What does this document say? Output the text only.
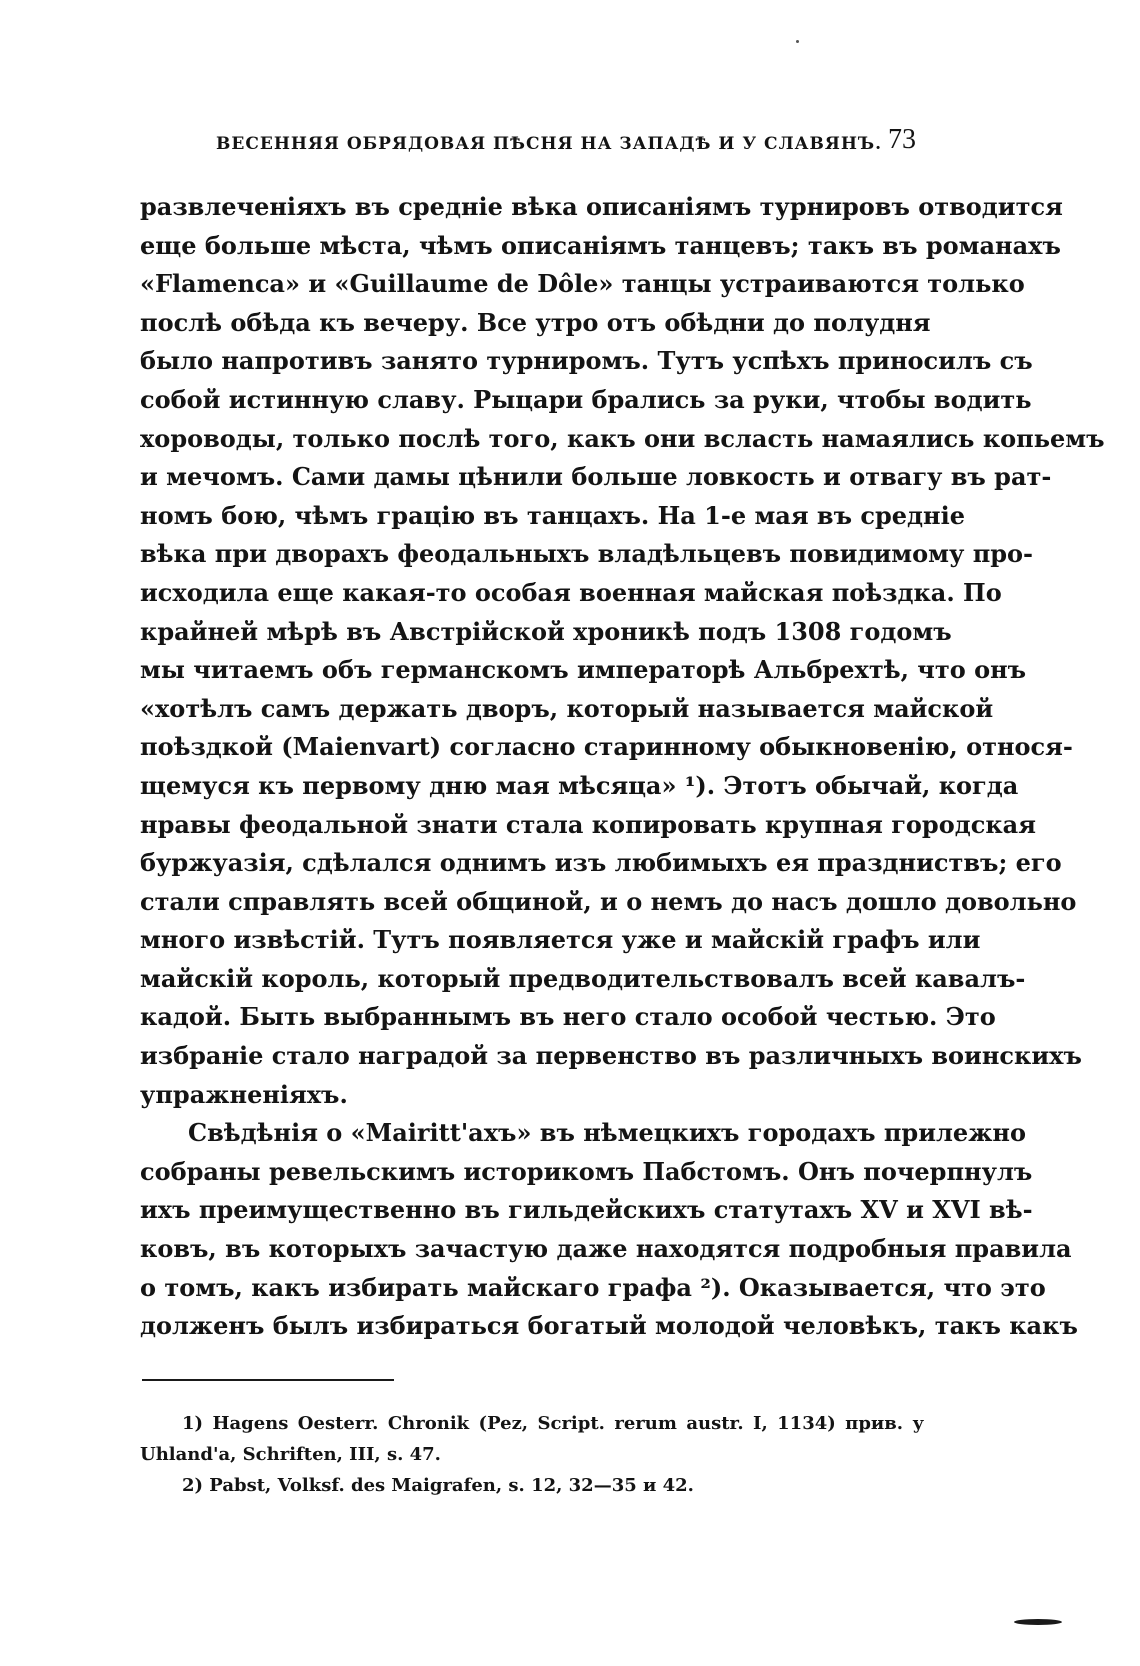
ВЕСЕННЯЯ ОБРЯДОВАЯ ПѢСНЯ НА ЗАПАДѢ И У СЛАВЯНЪ. 73
развлеченіяхъ въ средніе вѣка описаніямъ турнировъ отводится
еще больше мѣста, чѣмъ описаніямъ танцевъ; такъ въ романахъ
«Flamenca» и «Guillaume de Dôle» танцы устраиваются только
послѣ обѣда къ вечеру. Все утро отъ обѣдни до полудня
было напротивъ занято турниромъ. Тутъ успѣхъ приносилъ съ
собой истинную славу. Рыцари брались за руки, чтобы водить
хороводы, только послѣ того, какъ они всласть намаялись копьемъ
и мечомъ. Сами дамы цѣнили больше ловкость и отвагу въ рат-
номъ бою, чѣмъ грацію въ танцахъ. На 1-е мая въ средніе
вѣка при дворахъ феодальныхъ владѣльцевъ повидимому про-
исходила еще какая-то особая военная майская поѣздка. По
крайней мѣрѣ въ Австрійской хроникѣ подъ 1308 годомъ
мы читаемъ объ германскомъ императорѣ Альбрехтѣ, что онъ
«хотѣлъ самъ держать дворъ, который называется майской
поѣздкой (Maienvart) согласно старинному обыкновенію, относя-
щемуся къ первому дню мая мѣсяца» ¹). Этотъ обычай, когда
нравы феодальной знати стала копировать крупная городская
буржуазія, сдѣлался однимъ изъ любимыхъ ея праздниствъ; его
стали справлять всей общиной, и о немъ до насъ дошло довольно
много извѣстій. Тутъ появляется уже и майскій графъ или
майскій король, который предводительствовалъ всей кавалъ-
кадой. Быть выбраннымъ въ него стало особой честью. Это
избраніе стало наградой за первенство въ различныхъ воинскихъ
упражненіяхъ.
Свѣдѣнія о «Mairitt'ахъ» въ нѣмецкихъ городахъ прилежно
собраны ревельскимъ историкомъ Пабстомъ. Онъ почерпнулъ
ихъ преимущественно въ гильдейскихъ статутахъ XV и XVI вѣ-
ковъ, въ которыхъ зачастую даже находятся подробныя правила
о томъ, какъ избирать майскаго графа ²). Оказывается, что это
долженъ былъ избираться богатый молодой человѣкъ, такъ какъ
1) Hagens Oesterr. Chronik (Pez, Script. rerum austr. I, 1134) прив. у
Uhland'a, Schriften, III, s. 47.
2) Pabst, Volksf. des Maigrafen, s. 12, 32—35 и 42.
